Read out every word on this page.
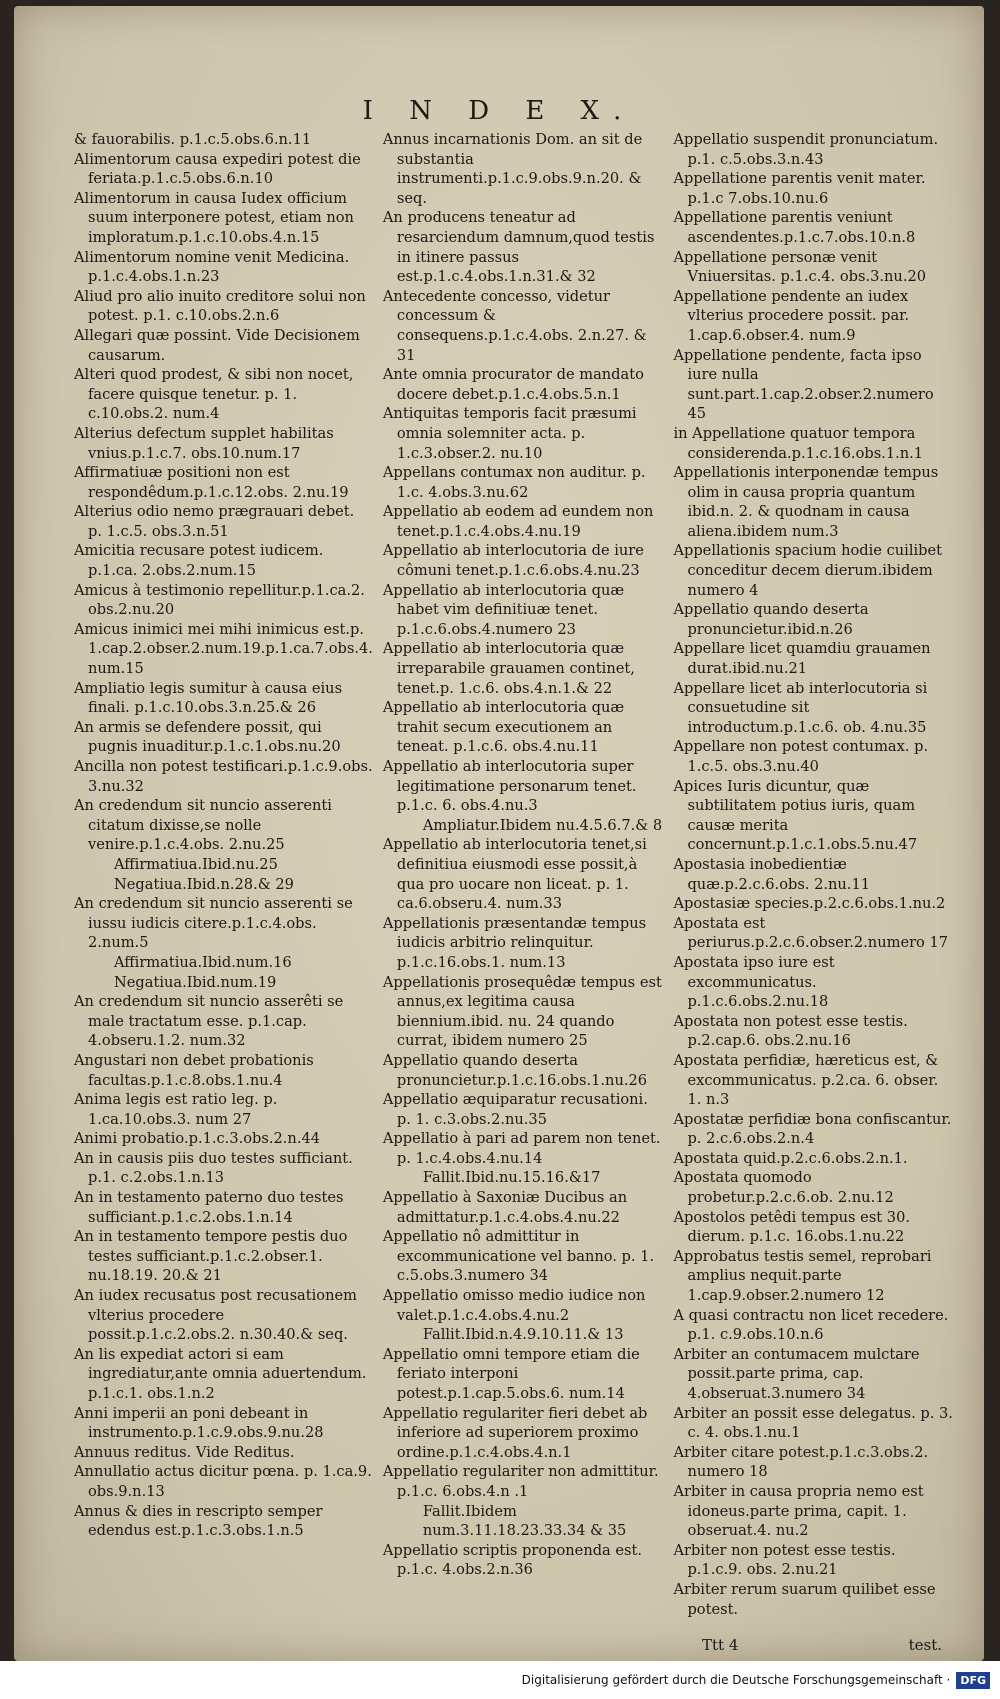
I N D E X.

& fauorabilis. p.1.c.5.obs.6.n.11

Alimentorum causa expediri potest die feriata.p.1.c.5.obs.6.n.10

Alimentorum in causa Iudex officium suum interponere potest, etiam non imploratum.p.1.c.10.obs.4.n.15

Alimentorum nomine venit Medicina. p.1.c.4.obs.1.n.23

Aliud pro alio inuito creditore solui non potest. p.1. c.10.obs.2.n.6

Allegari quæ possint. Vide Decisionem causarum.

Alteri quod prodest, & sibi non nocet, facere quisque tenetur. p. 1. c.10.obs.2. num.4

Alterius defectum supplet habilitas vnius.p.1.c.7. obs.10.num.17

Affirmatiuæ positioni non est respondêdum.p.1.c.12.obs. 2.nu.19

Alterius odio nemo prægrauari debet. p. 1.c.5. obs.3.n.51

Amicitia recusare potest iudicem. p.1.ca. 2.obs.2.num.15

Amicus à testimonio repellitur.p.1.ca.2. obs.2.nu.20

Amicus inimici mei mihi inimicus est.p. 1.cap.2.obser.2.num.19.p.1.ca.7.obs.4. num.15

Ampliatio legis sumitur à causa eius finali. p.1.c.10.obs.3.n.25.& 26

An armis se defendere possit, qui pugnis inuaditur.p.1.c.1.obs.nu.20

Ancilla non potest testificari.p.1.c.9.obs. 3.nu.32

An credendum sit nuncio asserenti citatum dixisse,se nolle venire.p.1.c.4.obs. 2.nu.25

Affirmatiua.Ibid.nu.25

Negatiua.Ibid.n.28.& 29

An credendum sit nuncio asserenti se iussu iudicis citere.p.1.c.4.obs. 2.num.5

Affirmatiua.Ibid.num.16

Negatiua.Ibid.num.19

An credendum sit nuncio asserêti se male tractatum esse. p.1.cap. 4.obseru.1.2. num.32

Angustari non debet probationis facultas.p.1.c.8.obs.1.nu.4

Anima legis est ratio leg. p. 1.ca.10.obs.3. num 27

Animi probatio.p.1.c.3.obs.2.n.44

An in causis piis duo testes sufficiant. p.1. c.2.obs.1.n.13

An in testamento paterno duo testes sufficiant.p.1.c.2.obs.1.n.14

An in testamento tempore pestis duo testes sufficiant.p.1.c.2.obser.1. nu.18.19. 20.& 21

An iudex recusatus post recusationem vlterius procedere possit.p.1.c.2.obs.2. n.30.40.& seq.

An lis expediat actori si eam ingrediatur,ante omnia aduertendum. p.1.c.1. obs.1.n.2

Anni imperii an poni debeant in instrumento.p.1.c.9.obs.9.nu.28

Annuus reditus. Vide Reditus.

Annullatio actus dicitur pœna. p. 1.ca.9. obs.9.n.13

Annus & dies in rescripto semper edendus est.p.1.c.3.obs.1.n.5

Annus incarnationis Dom. an sit de substantia instrumenti.p.1.c.9.obs.9.n.20. & seq.

An producens teneatur ad resarciendum damnum,quod testis in itinere passus est.p.1.c.4.obs.1.n.31.& 32

Antecedente concesso, videtur concessum & consequens.p.1.c.4.obs. 2.n.27. & 31

Ante omnia procurator de mandato docere debet.p.1.c.4.obs.5.n.1

Antiquitas temporis facit præsumi omnia solemniter acta. p. 1.c.3.obser.2. nu.10

Appellans contumax non auditur. p. 1.c. 4.obs.3.nu.62

Appellatio ab eodem ad eundem non tenet.p.1.c.4.obs.4.nu.19

Appellatio ab interlocutoria de iure cômuni tenet.p.1.c.6.obs.4.nu.23

Appellatio ab interlocutoria quæ habet vim definitiuæ tenet. p.1.c.6.obs.4.numero 23

Appellatio ab interlocutoria quæ irreparabile grauamen continet, tenet.p. 1.c.6. obs.4.n.1.& 22

Appellatio ab interlocutoria quæ trahit secum executionem an teneat. p.1.c.6. obs.4.nu.11

Appellatio ab interlocutoria super legitimatione personarum tenet. p.1.c. 6. obs.4.nu.3

Ampliatur.Ibidem nu.4.5.6.7.& 8

Appellatio ab interlocutoria tenet,si definitiua eiusmodi esse possit,à qua pro uocare non liceat. p. 1. ca.6.obseru.4. num.33

Appellationis præsentandæ tempus iudicis arbitrio relinquitur. p.1.c.16.obs.1. num.13

Appellationis prosequêdæ tempus est annus,ex legitima causa biennium.ibid. nu. 24 quando currat, ibidem numero 25

Appellatio quando deserta pronuncietur.p.1.c.16.obs.1.nu.26

Appellatio æquiparatur recusationi. p. 1. c.3.obs.2.nu.35

Appellatio à pari ad parem non tenet. p. 1.c.4.obs.4.nu.14

Fallit.Ibid.nu.15.16.&17

Appellatio à Saxoniæ Ducibus an admittatur.p.1.c.4.obs.4.nu.22

Appellatio nô admittitur in excommunicatione vel banno. p. 1. c.5.obs.3.numero 34

Appellatio omisso medio iudice non valet.p.1.c.4.obs.4.nu.2

Fallit.Ibid.n.4.9.10.11.& 13

Appellatio omni tempore etiam die feriato interponi potest.p.1.cap.5.obs.6. num.14

Appellatio regulariter fieri debet ab inferiore ad superiorem proximo ordine.p.1.c.4.obs.4.n.1

Appellatio regulariter non admittitur. p.1.c. 6.obs.4.n .1

Fallit.Ibidem num.3.11.18.23.33.34 & 35

Appellatio scriptis proponenda est. p.1.c. 4.obs.2.n.36

Appellatio suspendit pronunciatum. p.1. c.5.obs.3.n.43

Appellatione parentis venit mater. p.1.c 7.obs.10.nu.6

Appellatione parentis veniunt ascendentes.p.1.c.7.obs.10.n.8

Appellatione personæ venit Vniuersitas. p.1.c.4. obs.3.nu.20

Appellatione pendente an iudex vlterius procedere possit. par. 1.cap.6.obser.4. num.9

Appellatione pendente, facta ipso iure nulla sunt.part.1.cap.2.obser.2.numero 45

in Appellatione quatuor tempora considerenda.p.1.c.16.obs.1.n.1

Appellationis interponendæ tempus olim in causa propria quantum ibid.n. 2. & quodnam in causa aliena.ibidem num.3

Appellationis spacium hodie cuilibet conceditur decem dierum.ibidem numero 4

Appellatio quando deserta pronuncietur.ibid.n.26

Appellare licet quamdiu grauamen durat.ibid.nu.21

Appellare licet ab interlocutoria si consuetudine sit introductum.p.1.c.6. ob. 4.nu.35

Appellare non potest contumax. p. 1.c.5. obs.3.nu.40

Apices Iuris dicuntur, quæ subtilitatem potius iuris, quam causæ merita concernunt.p.1.c.1.obs.5.nu.47

Apostasia inobedientiæ quæ.p.2.c.6.obs. 2.nu.11

Apostasiæ species.p.2.c.6.obs.1.nu.2

Apostata est periurus.p.2.c.6.obser.2.numero 17

Apostata ipso iure est excommunicatus. p.1.c.6.obs.2.nu.18

Apostata non potest esse testis. p.2.cap.6. obs.2.nu.16

Apostata perfidiæ, hæreticus est, & excommunicatus. p.2.ca. 6. obser. 1. n.3

Apostatæ perfidiæ bona confiscantur. p. 2.c.6.obs.2.n.4

Apostata quid.p.2.c.6.obs.2.n.1.

Apostata quomodo probetur.p.2.c.6.ob. 2.nu.12

Apostolos petêdi tempus est 30. dierum. p.1.c. 16.obs.1.nu.22

Approbatus testis semel, reprobari amplius nequit.parte 1.cap.9.obser.2.numero 12

A quasi contractu non licet recedere. p.1. c.9.obs.10.n.6

Arbiter an contumacem mulctare possit.parte prima, cap. 4.obseruat.3.numero 34

Arbiter an possit esse delegatus. p. 3. c. 4. obs.1.nu.1

Arbiter citare potest.p.1.c.3.obs.2. numero 18

Arbiter in causa propria nemo est idoneus.parte prima, capit. 1. obseruat.4. nu.2

Arbiter non potest esse testis. p.1.c.9. obs. 2.nu.21

Arbiter rerum suarum quilibet esse potest.

Ttt 4	test.
Digitalisierung gefördert durch die Deutsche Forschungsgemeinschaft · DFG
